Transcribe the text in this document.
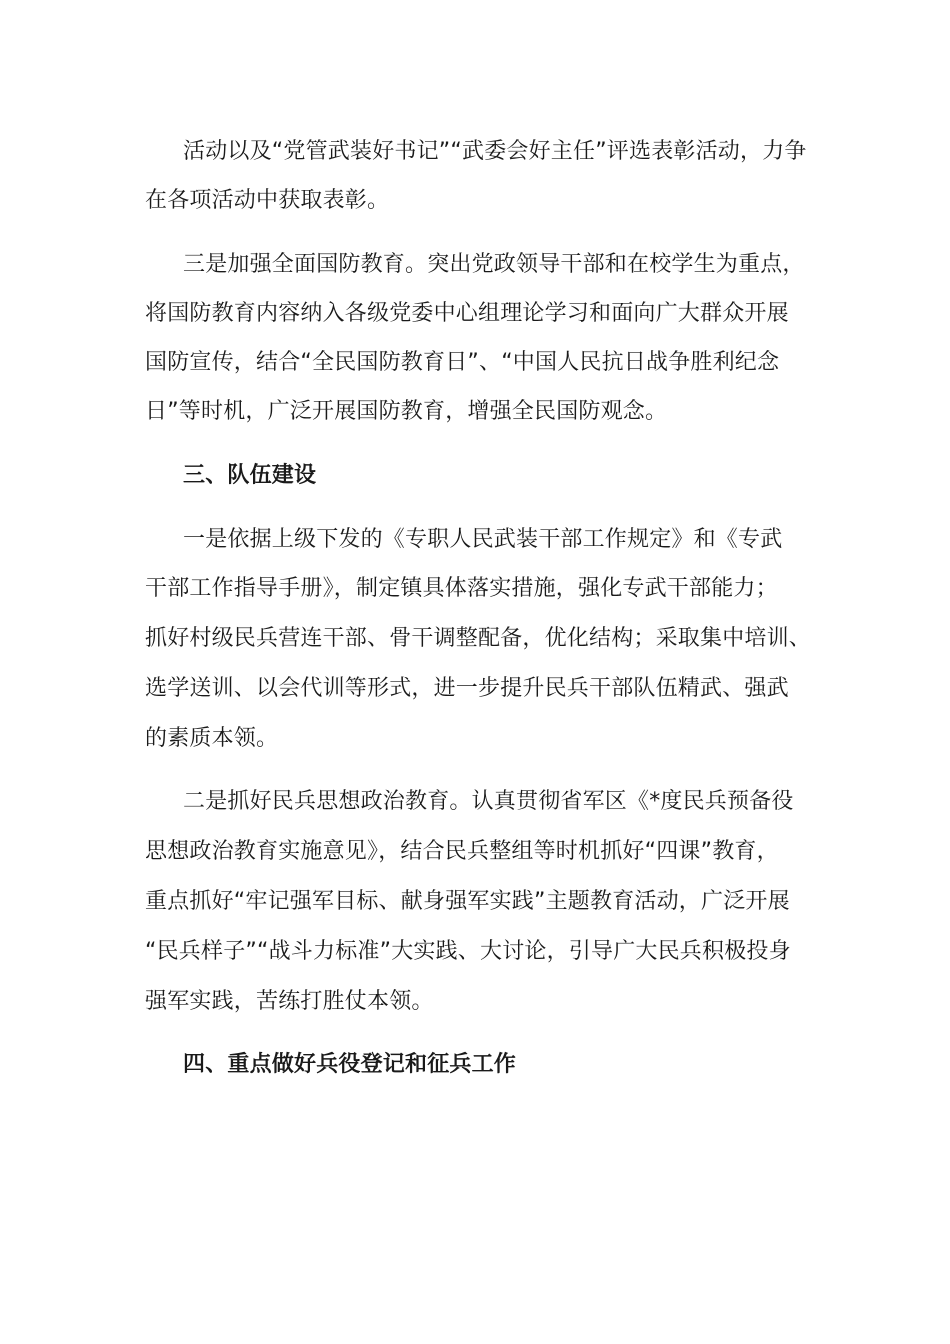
活动以及“党管武装好书记”“武委会好主任”评选表彰活动，力争
在各项活动中获取表彰。
三是加强全面国防教育。突出党政领导干部和在校学生为重点，
将国防教育内容纳入各级党委中心组理论学习和面向广大群众开展
国防宣传，结合“全民国防教育日”、“中国人民抗日战争胜利纪念
日”等时机，广泛开展国防教育，增强全民国防观念。
三、队伍建设
一是依据上级下发的《专职人民武装干部工作规定》和《专武
干部工作指导手册》，制定镇具体落实措施，强化专武干部能力；
抓好村级民兵营连干部、骨干调整配备，优化结构；采取集中培训、
选学送训、以会代训等形式，进一步提升民兵干部队伍精武、强武
的素质本领。
二是抓好民兵思想政治教育。认真贯彻省军区《*度民兵预备役
思想政治教育实施意见》，结合民兵整组等时机抓好“四课”教育，
重点抓好“牢记强军目标、献身强军实践”主题教育活动，广泛开展
“民兵样子”“战斗力标准”大实践、大讨论，引导广大民兵积极投身
强军实践，苦练打胜仗本领。
四、重点做好兵役登记和征兵工作
